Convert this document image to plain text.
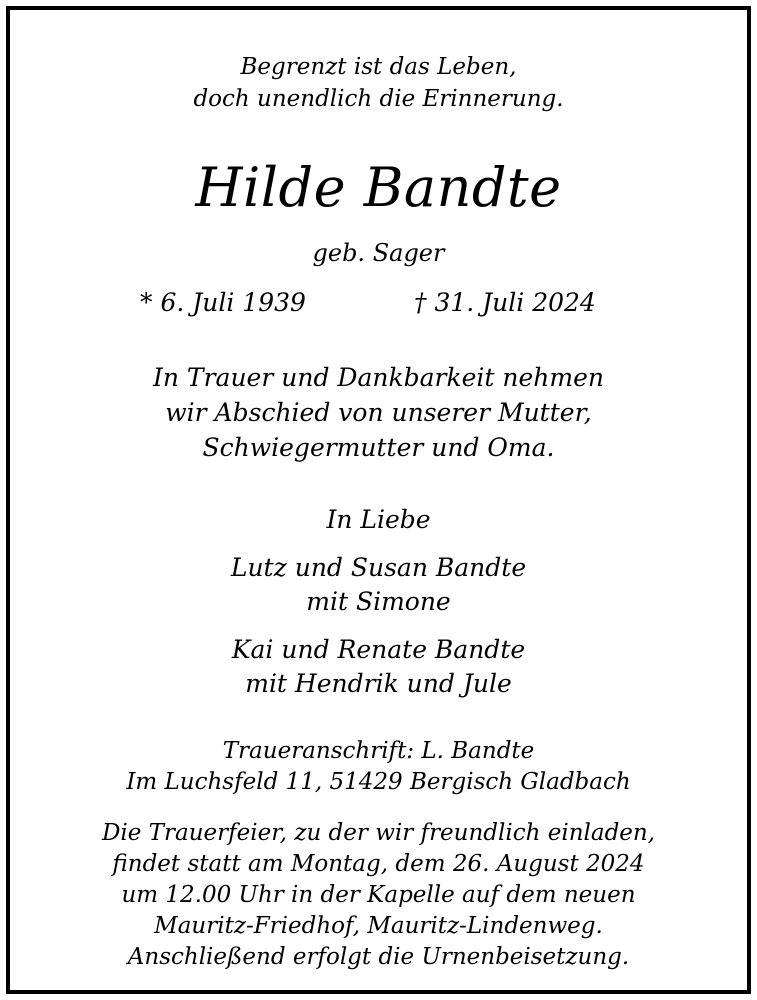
Begrenzt ist das Leben,
doch unendlich die Erinnerung.
Hilde Bandte
geb. Sager
* 6. Juli 1939	† 31. Juli 2024
In Trauer und Dankbarkeit nehmen
wir Abschied von unserer Mutter,
Schwiegermutter und Oma.
In Liebe
Lutz und Susan Bandte
mit Simone
Kai und Renate Bandte
mit Hendrik und Jule
Traueranschrift: L. Bandte
Im Luchsfeld 11, 51429 Bergisch Gladbach
Die Trauerfeier, zu der wir freundlich einladen,
findet statt am Montag, dem 26. August 2024
um 12.00 Uhr in der Kapelle auf dem neuen
Mauritz-Friedhof, Mauritz-Lindenweg.
Anschließend erfolgt die Urnenbeisetzung.
